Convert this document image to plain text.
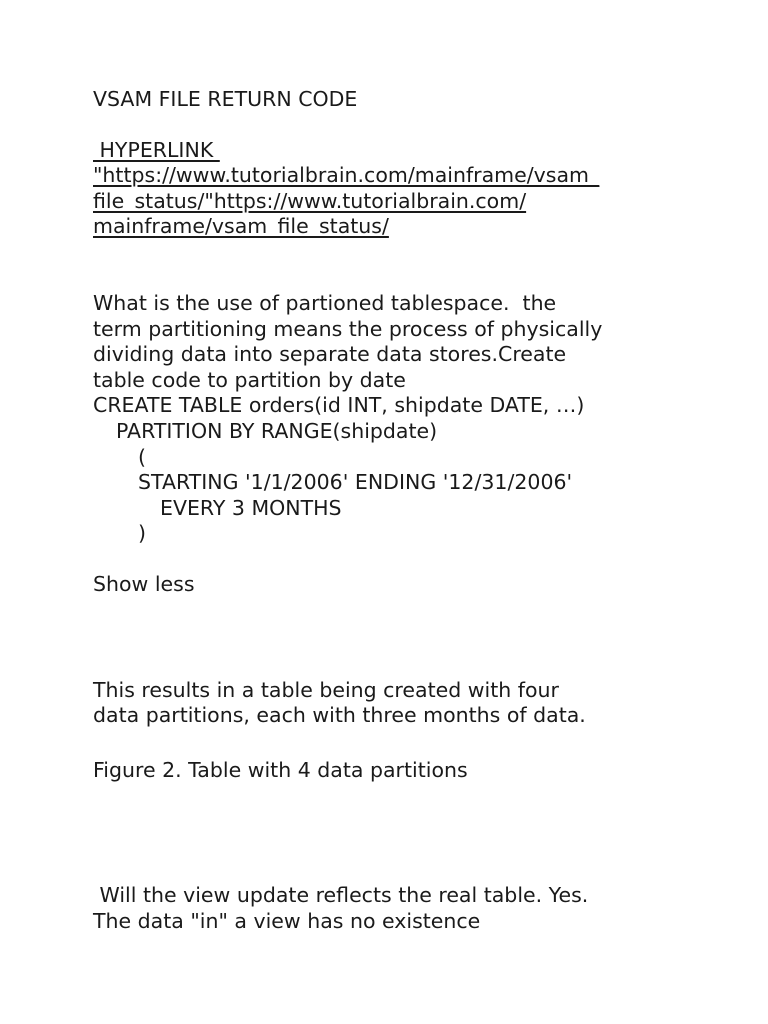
VSAM FILE RETURN CODE
HYPERLINK
"https://www.tutorialbrain.com/mainframe/vsam_
file_status/"https://www.tutorialbrain.com/
mainframe/vsam_file_status/
What is the use of partioned tablespace.  the
term partitioning means the process of physically
dividing data into separate data stores.Create
table code to partition by date
CREATE TABLE orders(id INT, shipdate DATE, …)
PARTITION BY RANGE(shipdate)
(
STARTING '1/1/2006' ENDING '12/31/2006'
EVERY 3 MONTHS
)
Show less
This results in a table being created with four
data partitions, each with three months of data.
Figure 2. Table with 4 data partitions
Will the view update reflects the real table. Yes.
The data "in" a view has no existence
